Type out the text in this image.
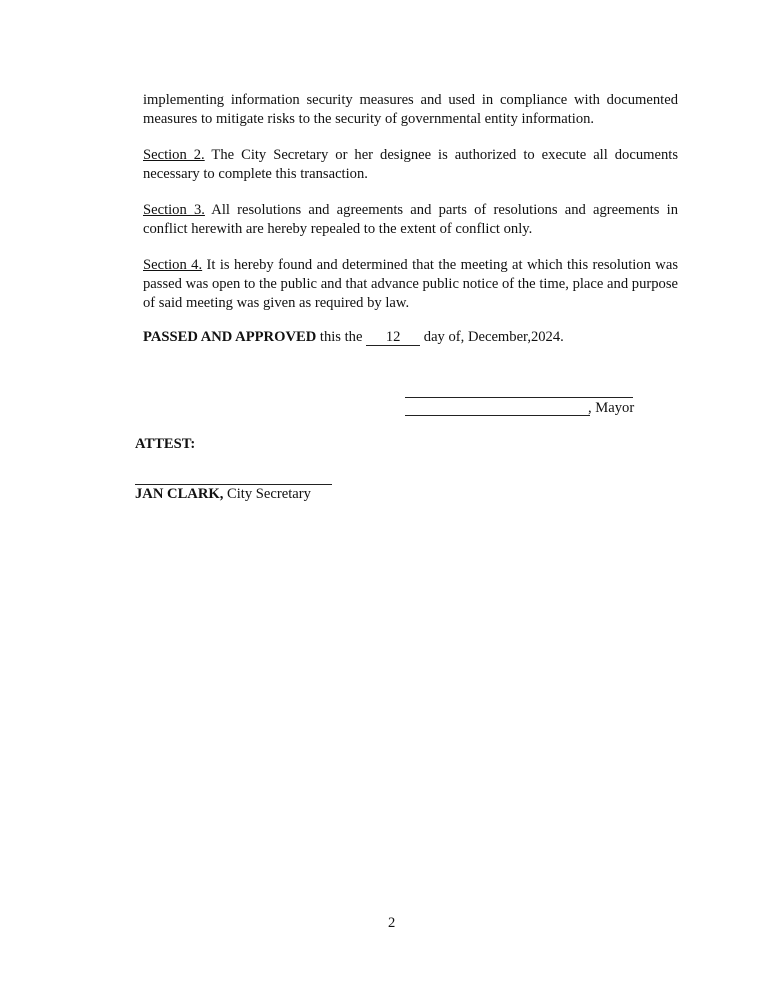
implementing information security measures and used in compliance with documented measures to mitigate risks to the security of governmental entity information.

Section 2. The City Secretary or her designee is authorized to execute all documents necessary to complete this transaction.

Section 3. All resolutions and agreements and parts of resolutions and agreements in conflict herewith are hereby repealed to the extent of conflict only.

Section 4. It is hereby found and determined that the meeting at which this resolution was passed was open to the public and that advance public notice of the time, place and purpose of said meeting was given as required by law.

PASSED AND APPROVED this the 12 day of, December,2024.

, Mayor

ATTEST:

JAN CLARK, City Secretary

2
